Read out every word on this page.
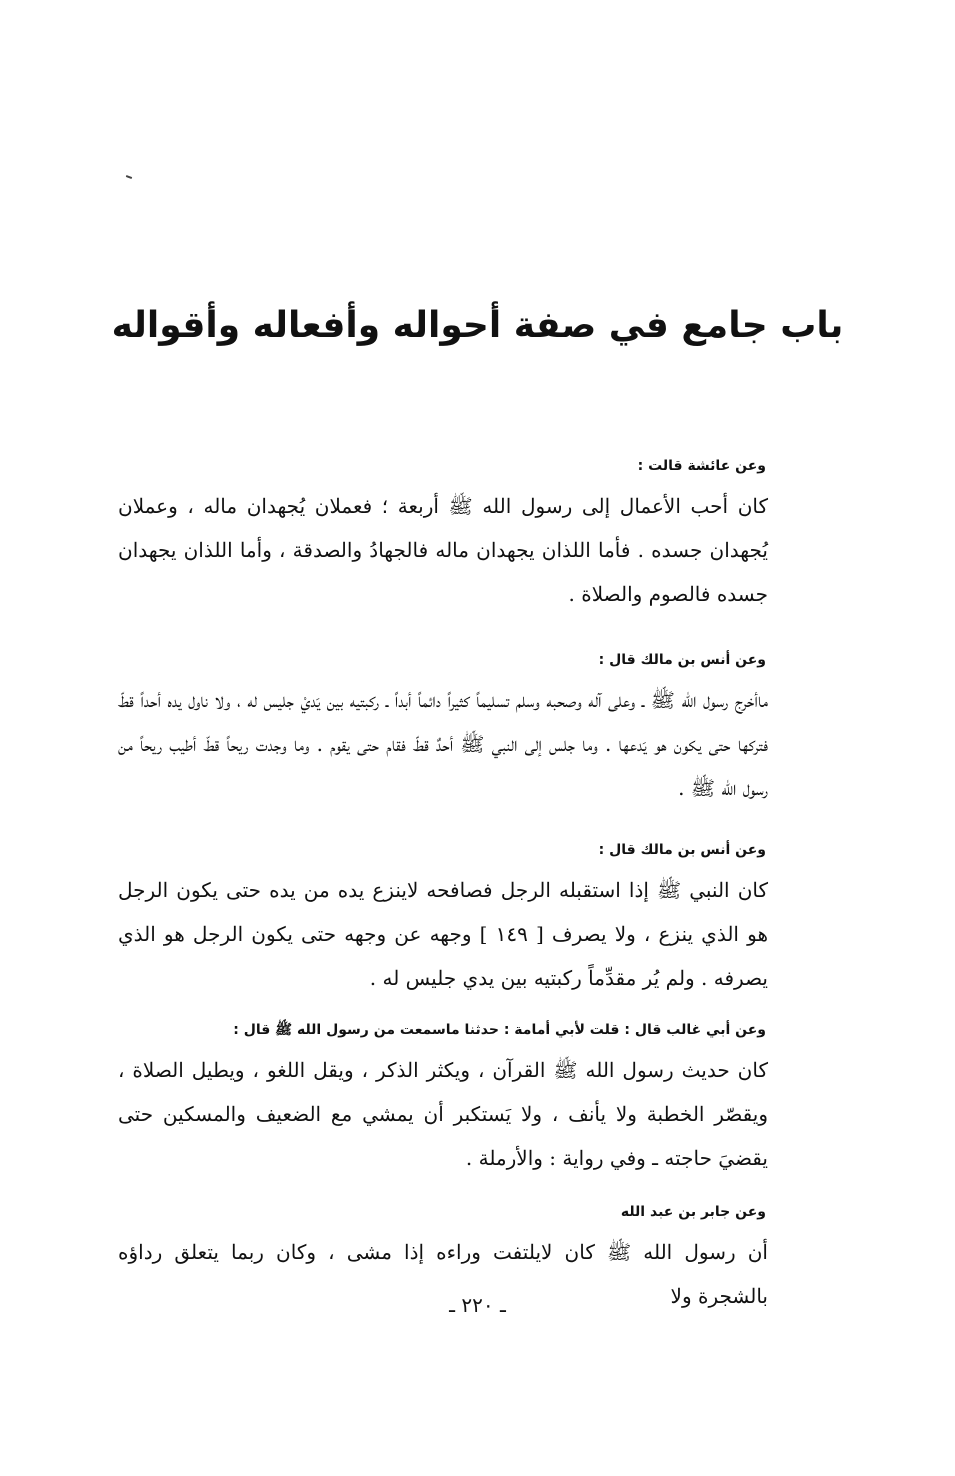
باب جامع في صفة أحواله وأفعاله وأقواله

وعن عائشة قالت :

كان أحب الأعمال إلى رسول الله ﷺ أربعة ؛ فعملان يُجهدان ماله ، وعملان يُجهدان جسده . فأما اللذان يجهدان ماله فالجهادُ والصدقة ، وأما اللذان يجهدان جسده فالصوم والصلاة .

وعن أنس بن مالك قال :

ماأخرج رسول الله ﷺ ـ وعلى آله وصحبه وسلم تسليماً كثيراً دائماً أبداً ـ ركبتيه بين يَديْ جليس له ، ولا ناول يده أحداً قطّ فتركها حتى يكون هو يَدعها . وما جلس إلى النبي ﷺ أحدٌ قطّ فقام حتى يقوم . وما وجدت ريحاً قطّ أطيب ريحاً من رسول الله ﷺ .

وعن أنس بن مالك قال :

كان النبي ﷺ إذا استقبله الرجل فصافحه لاينزع يده من يده حتى يكون الرجل هو الذي ينزع ، ولا يصرف [ ١٤٩ ] وجهه عن وجهه حتى يكون الرجل هو الذي يصرفه . ولم يُر مقدِّماً ركبتيه بين يدي جليس له .

وعن أبي غالب قال : قلت لأبي أمامة : حدثنا ماسمعت من رسول الله ﷺ قال :

كان حديث رسول الله ﷺ القرآن ، ويكثر الذكر ، ويقل اللغو ، ويطيل الصلاة ، ويقصّر الخطبة ولا يأنف ، ولا يَستكبر أن يمشي مع الضعيف والمسكين حتى يقضيَ حاجته ـ وفي رواية : والأرملة .

وعن جابر بن عبد الله

أن رسول الله ﷺ كان لايلتفت وراءه إذا مشى ، وكان ربما يتعلق رداؤه بالشجرة ولا

ـ ٢٢٠ ـ
